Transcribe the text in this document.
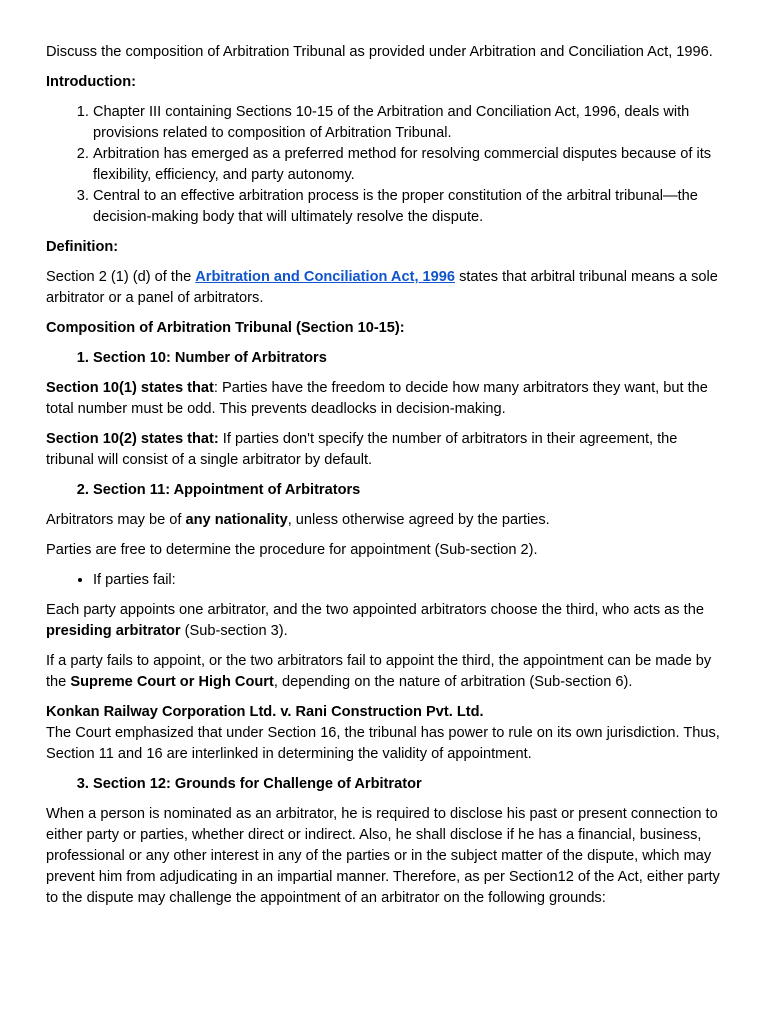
Discuss the composition of Arbitration Tribunal as provided under Arbitration and Conciliation Act, 1996.

Introduction:

1. Chapter III containing Sections 10-15 of the Arbitration and Conciliation Act, 1996, deals with provisions related to composition of Arbitration Tribunal.
2. Arbitration has emerged as a preferred method for resolving commercial disputes because of its flexibility, efficiency, and party autonomy.
3. Central to an effective arbitration process is the proper constitution of the arbitral tribunal—the decision-making body that will ultimately resolve the dispute.

Definition:

Section 2 (1) (d) of the Arbitration and Conciliation Act, 1996 states that arbitral tribunal means a sole arbitrator or a panel of arbitrators.

Composition of Arbitration Tribunal (Section 10-15):

1. Section 10: Number of Arbitrators

Section 10(1) states that: Parties have the freedom to decide how many arbitrators they want, but the total number must be odd. This prevents deadlocks in decision-making.

Section 10(2) states that: If parties don't specify the number of arbitrators in their agreement, the tribunal will consist of a single arbitrator by default.

2. Section 11: Appointment of Arbitrators

Arbitrators may be of any nationality, unless otherwise agreed by the parties.

Parties are free to determine the procedure for appointment (Sub-section 2).

• If parties fail:

Each party appoints one arbitrator, and the two appointed arbitrators choose the third, who acts as the presiding arbitrator (Sub-section 3).

If a party fails to appoint, or the two arbitrators fail to appoint the third, the appointment can be made by the Supreme Court or High Court, depending on the nature of arbitration (Sub-section 6).

Konkan Railway Corporation Ltd. v. Rani Construction Pvt. Ltd.

The Court emphasized that under Section 16, the tribunal has power to rule on its own jurisdiction. Thus, Section 11 and 16 are interlinked in determining the validity of appointment.

3. Section 12: Grounds for Challenge of Arbitrator

When a person is nominated as an arbitrator, he is required to disclose his past or present connection to either party or parties, whether direct or indirect. Also, he shall disclose if he has a financial, business, professional or any other interest in any of the parties or in the subject matter of the dispute, which may prevent him from adjudicating in an impartial manner. Therefore, as per Section12 of the Act, either party to the dispute may challenge the appointment of an arbitrator on the following grounds:
